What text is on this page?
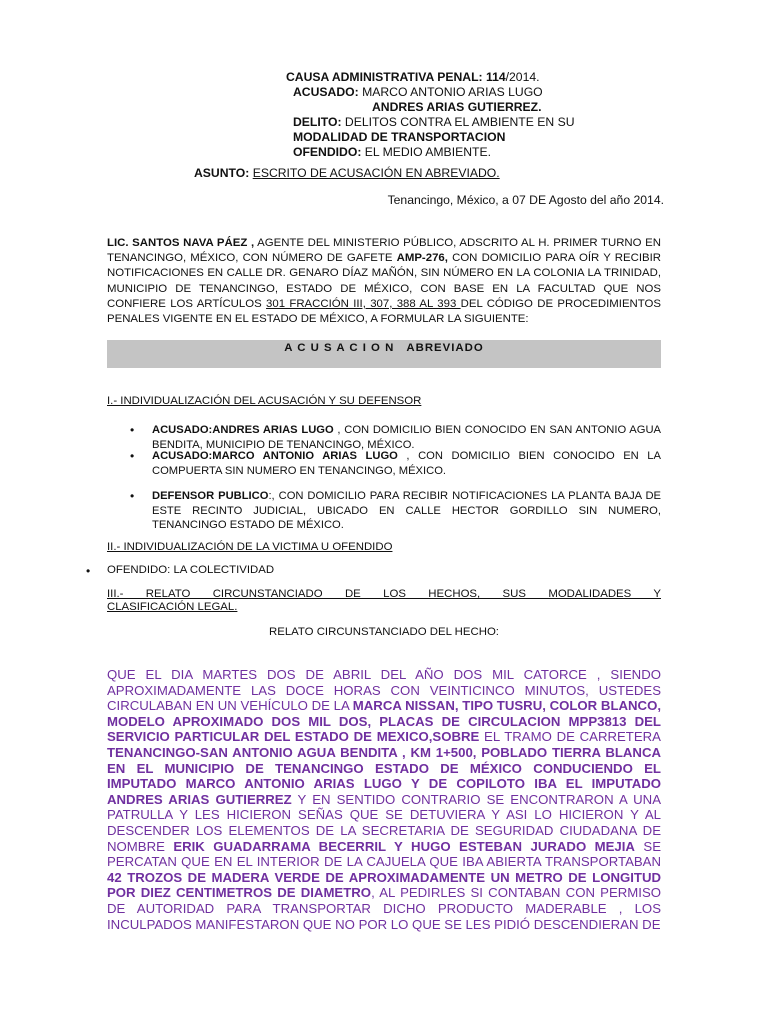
CAUSA ADMINISTRATIVA PENAL: 114/2014.
ACUSADO: MARCO ANTONIO ARIAS LUGO
ANDRES ARIAS GUTIERREZ.
DELITO: DELITOS CONTRA EL AMBIENTE EN SU
MODALIDAD DE TRANSPORTACION
OFENDIDO: EL MEDIO AMBIENTE.
ASUNTO: ESCRITO DE ACUSACIÓN EN ABREVIADO.
Tenancingo, México, a 07 DE Agosto del año 2014.
LIC. SANTOS NAVA PÁEZ , AGENTE DEL MINISTERIO PÚBLICO, ADSCRITO AL H. PRIMER TURNO EN TENANCINGO, MÉXICO, CON NÚMERO DE GAFETE AMP-276, CON DOMICILIO PARA OÍR Y RECIBIR NOTIFICACIONES EN CALLE DR. GENARO DÍAZ MAÑÓN, SIN NÚMERO EN LA COLONIA LA TRINIDAD, MUNICIPIO DE TENANCINGO, ESTADO DE MÉXICO, CON BASE EN LA FACULTAD QUE NOS CONFIERE LOS ARTÍCULOS 301 FRACCIÓN III, 307, 388 AL 393 DEL CÓDIGO DE PROCEDIMIENTOS PENALES VIGENTE EN EL ESTADO DE MÉXICO, A FORMULAR LA SIGUIENTE:
A C U S A C I O N   ABREVIADO
I.- INDIVIDUALIZACIÓN DEL ACUSACIÓN Y SU DEFENSOR
• ACUSADO:ANDRES ARIAS LUGO , CON DOMICILIO BIEN CONOCIDO EN SAN ANTONIO AGUA BENDITA, MUNICIPIO DE TENANCINGO, MÉXICO.
• ACUSADO:MARCO ANTONIO ARIAS LUGO , CON DOMICILIO BIEN CONOCIDO EN LA COMPUERTA SIN NUMERO EN TENANCINGO, MÉXICO.
• DEFENSOR PUBLICO:, CON DOMICILIO PARA RECIBIR NOTIFICACIONES LA PLANTA BAJA DE ESTE RECINTO JUDICIAL, UBICADO EN CALLE HECTOR GORDILLO SIN NUMERO, TENANCINGO ESTADO DE MÉXICO.
II.- INDIVIDUALIZACIÓN DE LA VICTIMA U OFENDIDO
• OFENDIDO: LA COLECTIVIDAD
III.- RELATO CIRCUNSTANCIADO DE LOS HECHOS, SUS MODALIDADES Y
CLASIFICACIÓN LEGAL.
RELATO CIRCUNSTANCIADO DEL HECHO:
QUE EL DIA MARTES DOS DE ABRIL DEL AÑO DOS MIL CATORCE , SIENDO APROXIMADAMENTE LAS DOCE HORAS CON VEINTICINCO MINUTOS, USTEDES CIRCULABAN EN UN VEHÍCULO DE LA MARCA NISSAN, TIPO TUSRU, COLOR BLANCO, MODELO APROXIMADO DOS MIL DOS, PLACAS DE CIRCULACION MPP3813 DEL SERVICIO PARTICULAR DEL ESTADO DE MEXICO,SOBRE EL TRAMO DE CARRETERA TENANCINGO-SAN ANTONIO AGUA BENDITA , KM 1+500, POBLADO TIERRA BLANCA EN EL MUNICIPIO DE TENANCINGO ESTADO DE MÉXICO CONDUCIENDO EL IMPUTADO MARCO ANTONIO ARIAS LUGO Y DE COPILOTO IBA EL IMPUTADO ANDRES ARIAS GUTIERREZ Y EN SENTIDO CONTRARIO SE ENCONTRARON A UNA PATRULLA Y LES HICIERON SEÑAS QUE SE DETUVIERA Y ASI LO HICIERON Y AL DESCENDER LOS ELEMENTOS DE LA SECRETARIA DE SEGURIDAD CIUDADANA DE NOMBRE ERIK GUADARRAMA BECERRIL Y HUGO ESTEBAN JURADO MEJIA SE PERCATAN QUE EN EL INTERIOR DE LA CAJUELA QUE IBA ABIERTA TRANSPORTABAN 42 TROZOS DE MADERA VERDE DE APROXIMADAMENTE UN METRO DE LONGITUD POR DIEZ CENTIMETROS DE DIAMETRO, AL PEDIRLES SI CONTABAN CON PERMISO DE AUTORIDAD PARA TRANSPORTAR DICHO PRODUCTO MADERABLE , LOS INCULPADOS MANIFESTARON QUE NO POR LO QUE SE LES PIDIÓ DESCENDIERAN DE
